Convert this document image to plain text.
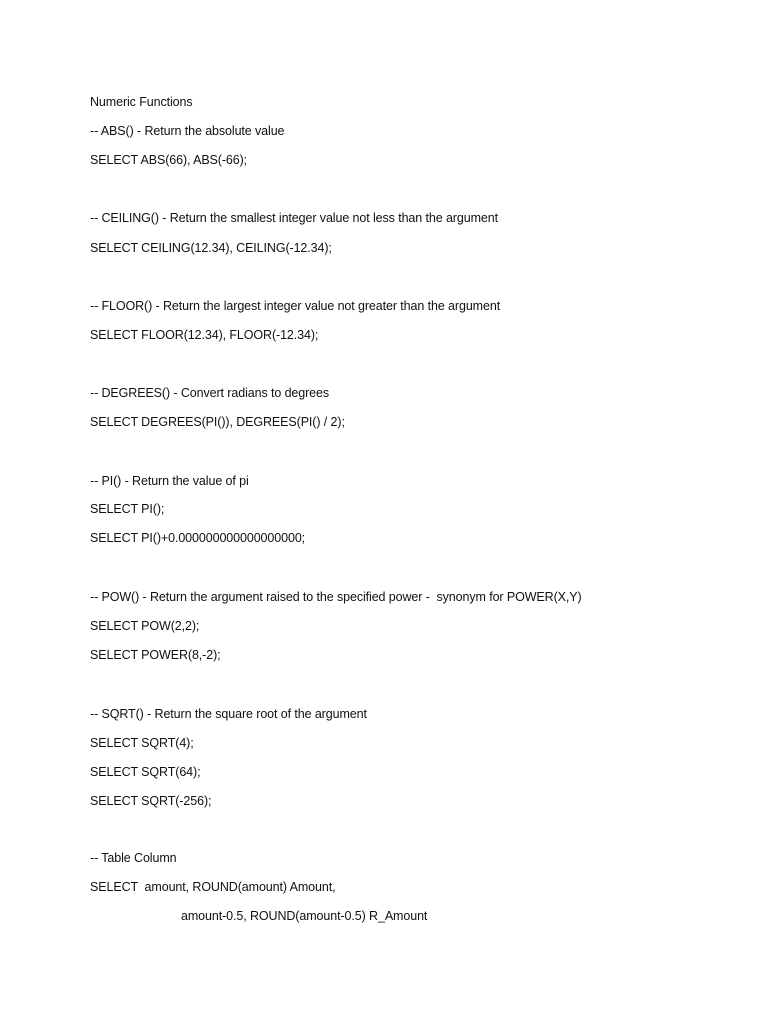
Numeric Functions
-- ABS() - Return the absolute value
SELECT ABS(66), ABS(-66);
-- CEILING() - Return the smallest integer value not less than the argument
SELECT CEILING(12.34), CEILING(-12.34);
-- FLOOR() - Return the largest integer value not greater than the argument
SELECT FLOOR(12.34), FLOOR(-12.34);
-- DEGREES() - Convert radians to degrees
SELECT DEGREES(PI()), DEGREES(PI() / 2);
-- PI() - Return the value of pi
SELECT PI();
SELECT PI()+0.000000000000000000;
-- POW() - Return the argument raised to the specified power -  synonym for POWER(X,Y)
SELECT POW(2,2);
SELECT POWER(8,-2);
-- SQRT() - Return the square root of the argument
SELECT SQRT(4);
SELECT SQRT(64);
SELECT SQRT(-256);
-- Table Column
SELECT  amount, ROUND(amount) Amount,
amount-0.5, ROUND(amount-0.5) R_Amount
